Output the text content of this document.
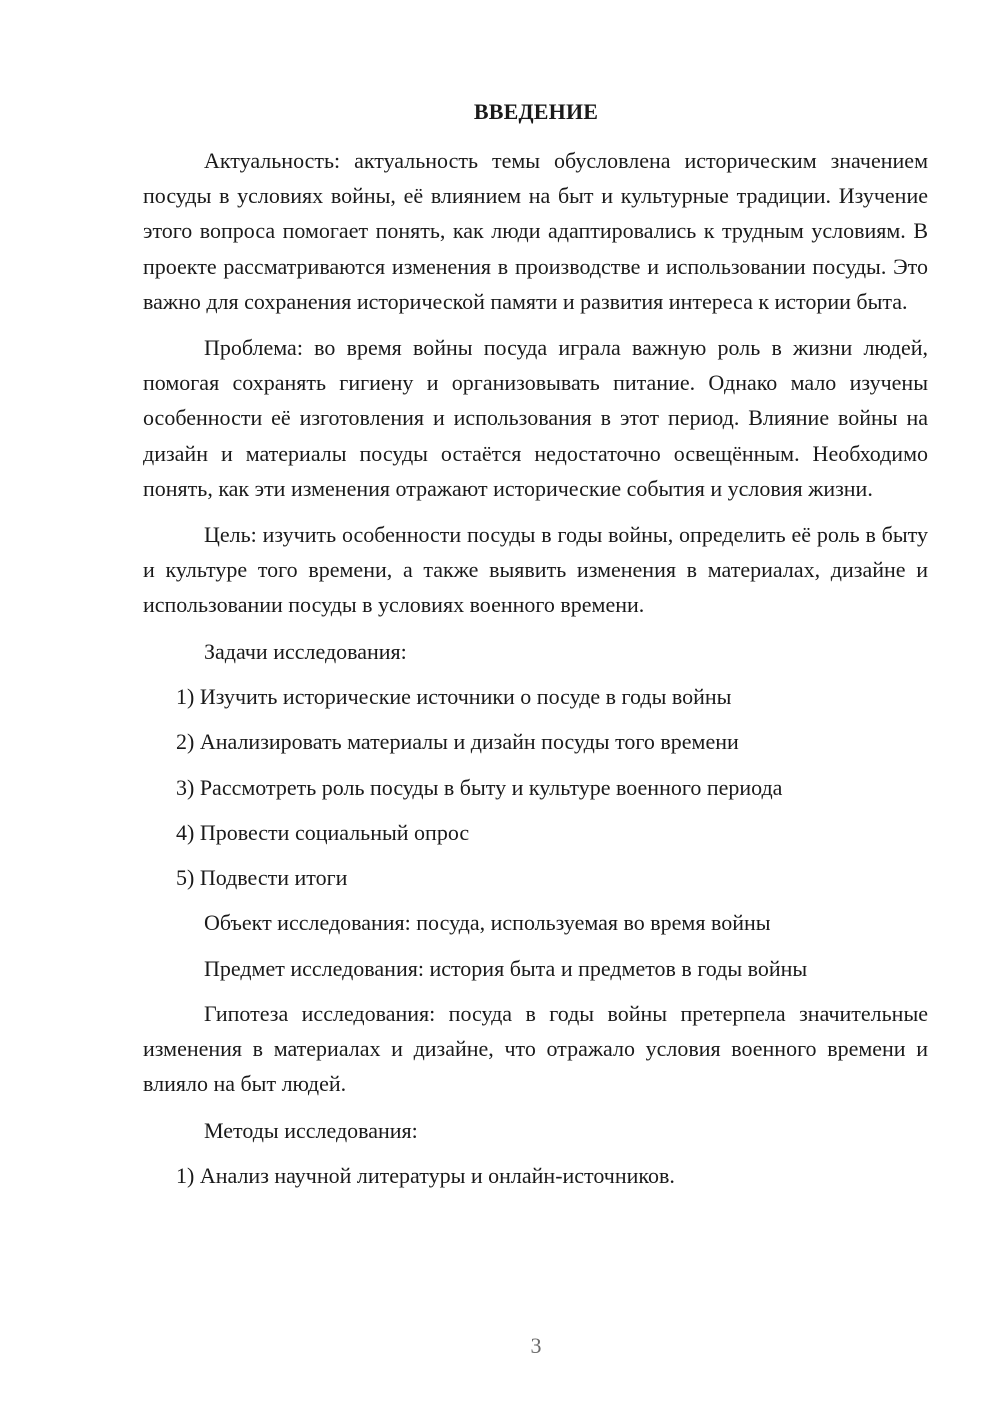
ВВЕДЕНИЕ

Актуальность: актуальность темы обусловлена историческим значением посуды в условиях войны, её влиянием на быт и культурные традиции. Изучение этого вопроса помогает понять, как люди адаптировались к трудным условиям. В проекте рассматриваются изменения в производстве и использовании посуды. Это важно для сохранения исторической памяти и развития интереса к истории быта.

Проблема: во время войны посуда играла важную роль в жизни людей, помогая сохранять гигиену и организовывать питание. Однако мало изучены особенности её изготовления и использования в этот период. Влияние войны на дизайн и материалы посуды остаётся недостаточно освещённым. Необходимо понять, как эти изменения отражают исторические события и условия жизни.

Цель: изучить особенности посуды в годы войны, определить её роль в быту и культуре того времени, а также выявить изменения в материалах, дизайне и использовании посуды в условиях военного времени.

Задачи исследования:
1) Изучить исторические источники о посуде в годы войны
2) Анализировать материалы и дизайн посуды того времени
3) Рассмотреть роль посуды в быту и культуре военного периода
4) Провести социальный опрос
5) Подвести итоги
Объект исследования: посуда, используемая во время войны
Предмет исследования: история быта и предметов в годы войны

Гипотеза исследования: посуда в годы войны претерпела значительные изменения в материалах и дизайне, что отражало условия военного времени и влияло на быт людей.

Методы исследования:
1) Анализ научной литературы и онлайн-источников.
3
